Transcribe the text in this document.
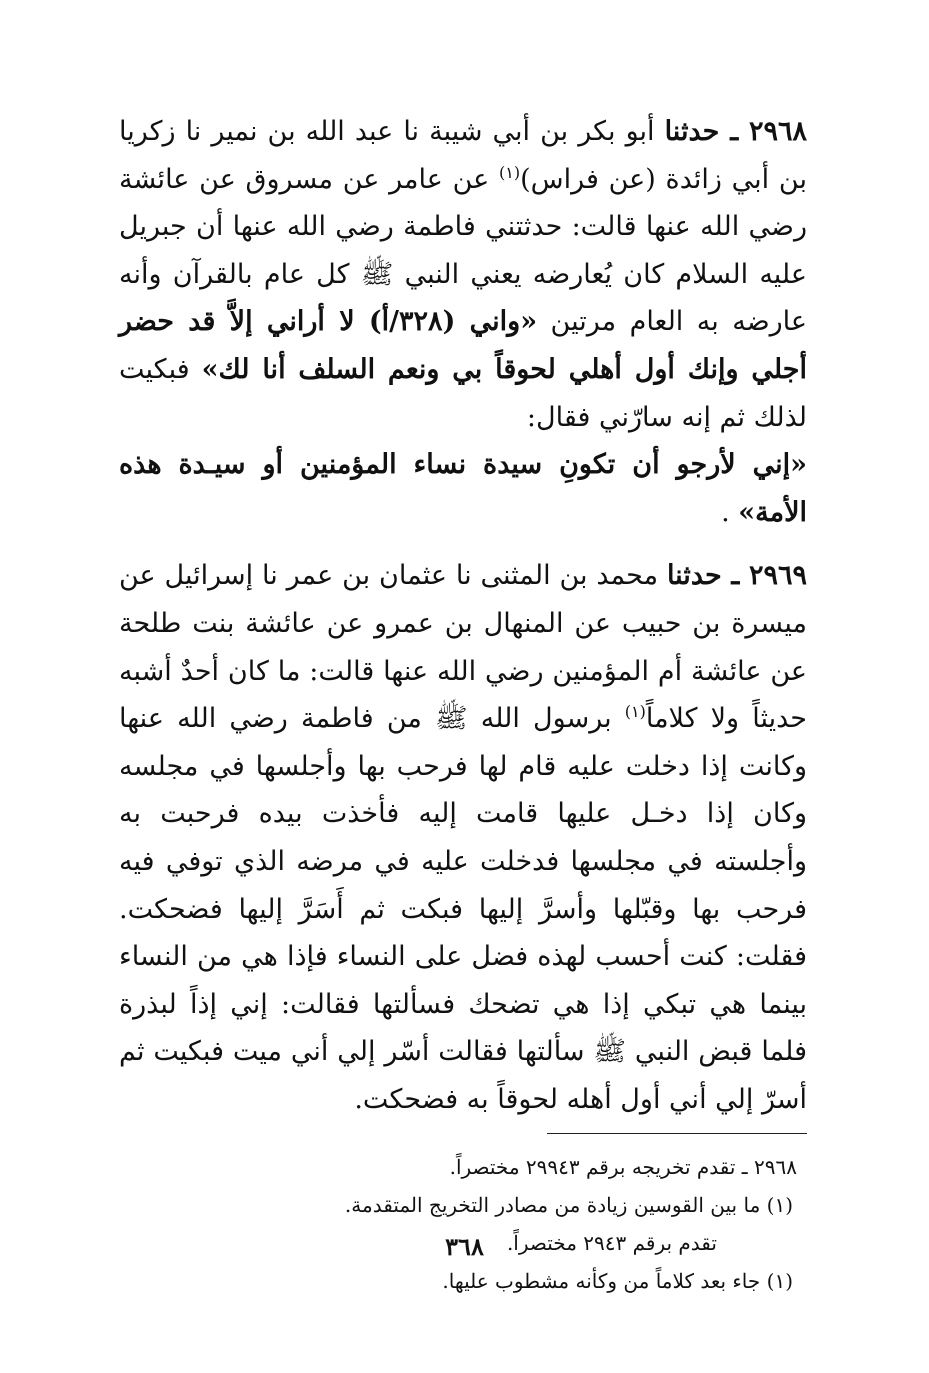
٢٩٦٨ ـ حدثنا أبو بكر بن أبي شيبة نا عبد الله بن نمير نا زكريا بن أبي زائدة (عن فراس)$^{(١)}$ عن عامر عن مسروق عن عائشة رضي الله عنها قالت: حدثتني فاطمة رضي الله عنها أن جبريل عليه السلام كان يُعارضه يعني النبي ﷺ كل عام بالقرآن وأنه عارضه به العام مرتين «واني (٣٢٨/أ) لا أراني إلاَّ قد حضر أجلي وإنك أول أهلي لحوقاً بي ونعم السلف أنا لك» فبكيت لذلك ثم إنه سارّني فقال:

«إني لأرجو أن تكونِ سيدة نساء المؤمنين أو سيـدة هذه الأمة» .

٢٩٦٩ ـ حدثنا محمد بن المثنى نا عثمان بن عمر نا إسرائيل عن ميسرة بن حبيب عن المنهال بن عمرو عن عائشة بنت طلحة عن عائشة أم المؤمنين رضي الله عنها قالت: ما كان أحدٌ أشبه حديثاً ولا كلاماً$^{(١)}$ برسول الله ﷺ من فاطمة رضي الله عنها وكانت إذا دخلت عليه قام لها فرحب بها وأجلسها في مجلسه وكان إذا دخـل عليها قامت إليه فأخذت بيده فرحبت به وأجلسته في مجلسها فدخلت عليه في مرضه الذي توفي فيه فرحب بها وقبّلها وأسرَّ إليها فبكت ثم أَسَرَّ إليها فضحكت. فقلت: كنت أحسب لهذه فضل على النساء فإذا هي من النساء بينما هي تبكي إذا هي تضحك فسألتها فقالت: إني إذاً لبذرة فلما قبض النبي ﷺ سألتها فقالت أسّر إلي أني ميت فبكيت ثم أسرّ إلي أني أول أهله لحوقاً به فضحكت.

٢٩٦٨ ـ تقدم تخريجه برقم ٢٩٩٤٣ مختصراً.

(١) ما بين القوسين زيادة من مصادر التخريج المتقدمة.

تقدم برقم ٢٩٤٣ مختصراً.

(١) جاء بعد كلاماً من وكأنه مشطوب عليها.

٣٦٨
